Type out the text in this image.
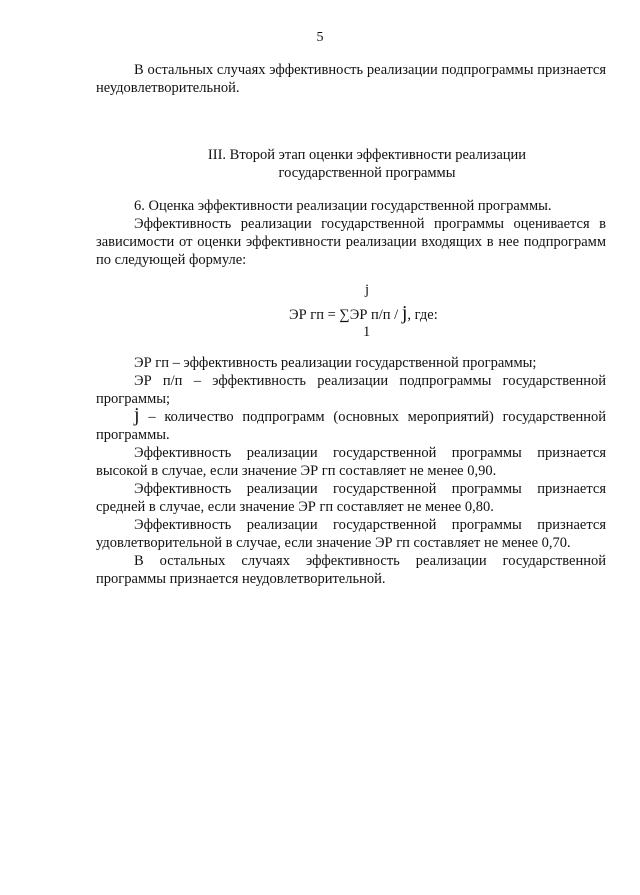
5
В остальных случаях эффективность реализации подпрограммы признается неудовлетворительной.
III. Второй этап оценки эффективности реализации
государственной программы

6. Оценка эффективности реализации государственной программы.

Эффективность реализации государственной программы оценивается в зависимости от оценки эффективности реализации входящих в нее подпрограмм по следующей формуле:

j
ЭР гп = ∑ЭР п/п / j, где:
1

ЭР гп – эффективность реализации государственной программы;

ЭР п/п – эффективность реализации подпрограммы государственной программы;

j – количество подпрограмм (основных мероприятий) государственной программы.

Эффективность реализации государственной программы признается высокой в случае, если значение ЭР гп составляет не менее 0,90.

Эффективность реализации государственной программы признается средней в случае, если значение ЭР гп составляет не менее 0,80.

Эффективность реализации государственной программы признается удовлетворительной в случае, если значение ЭР гп составляет не менее 0,70.

В остальных случаях эффективность реализации государственной программы признается неудовлетворительной.
